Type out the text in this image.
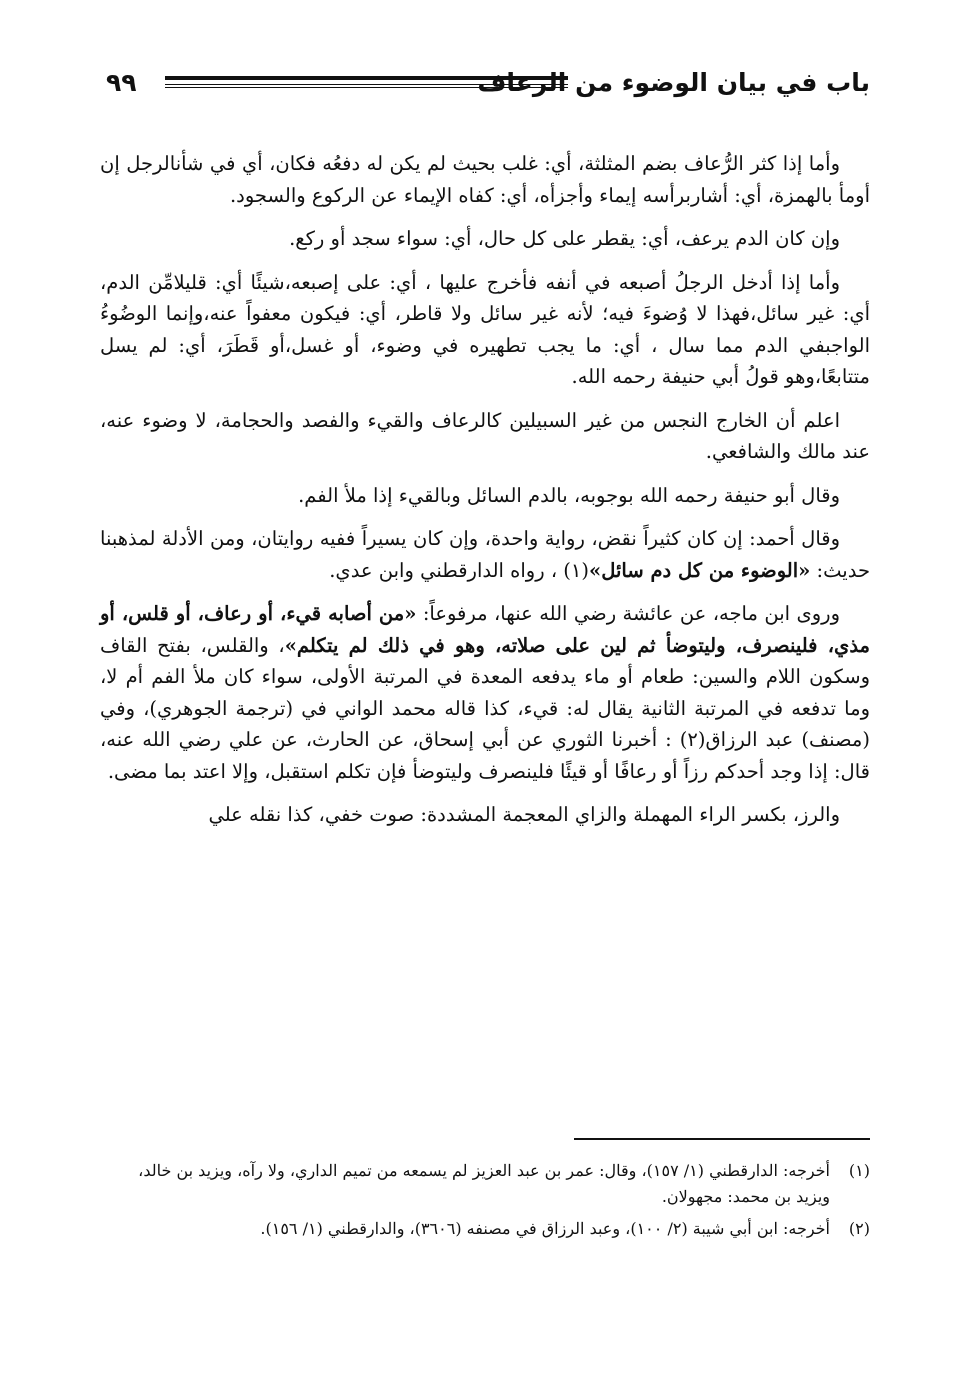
باب في بيان الوضوء من الرعاف
٩٩

وأما إذا كثر الرُّعاف بضم المثلثة، أي: غلب بحيث لم يكن له دفعُه فكان، أي في شأنالرجل إن أومأ بالهمزة، أي: أشاربرأسه إيماء وأجزأه، أي: كفاه الإيماء عن الركوع والسجود.

وإن كان الدم يرعف، أي: يقطر على كل حال، أي: سواء سجد أو ركع.

وأما إذا أدخل الرجلُ أصبعه في أنفه فأخرج عليها ، أي: على إصبعه،شيئًا أي: قليلامِّن الدم، أي: غير سائل،فهذا لا وُضوءَ فيه؛ لأنه غير سائل ولا قاطر، أي: فيكون معفواً عنه،وإنما الوضُوءُ الواجبفي الدم مما سال ، أي: ما يجب تطهيره في وضوء، أو غسل،أو قَطَرَ، أي: لم يسل متتابعًا،وهو قولُ أبي حنيفة رحمه الله.

اعلم أن الخارج النجس من غير السبيلين كالرعاف والقيء والفصد والحجامة، لا وضوء عنه، عند مالك والشافعي.

وقال أبو حنيفة رحمه الله بوجوبه، بالدم السائل وبالقيء إذا ملأ الفم.

وقال أحمد: إن كان كثيراً نقض، رواية واحدة، وإن كان يسيراً ففيه روايتان، ومن الأدلة لمذهبنا حديث: «الوضوء من كل دم سائل»(١) ، رواه الدارقطني وابن عدي.

وروى ابن ماجه، عن عائشة رضي الله عنها، مرفوعاً: «من أصابه قيء، أو رعاف، أو قلس، أو مذي، فلينصرف، وليتوضأ ثم لين على صلاته، وهو في ذلك لم يتكلم»، والقلس، بفتح القاف وسكون اللام والسين: طعام أو ماء يدفعه المعدة في المرتبة الأولى، سواء كان ملأ الفم أم لا، وما تدفعه في المرتبة الثانية يقال له: قيء، كذا قاله محمد الواني في (ترجمة الجوهري)، وفي (مصنف) عبد الرزاق(٢) : أخبرنا الثوري عن أبي إسحاق، عن الحارث، عن علي رضي الله عنه، قال: إذا وجد أحدكم رزاً أو رعافًا أو قيئًا فلينصرف وليتوضأ فإن تكلم استقبل، وإلا اعتد بما مضى.

والرز، بكسر الراء المهملة والزاي المعجمة المشددة: صوت خفي، كذا نقله علي

(١)
أخرجه: الدارقطني (١/ ١٥٧)، وقال: عمر بن عبد العزيز لم يسمعه من تميم الداري، ولا رآه، ويزيد بن خالد، ويزيد بن محمد: مجهولان.

(٢)
أخرجه: ابن أبي شيبة (٢/ ١٠٠)، وعبد الرزاق في مصنفه (٣٦٠٦)، والدارقطني (١/ ١٥٦).
